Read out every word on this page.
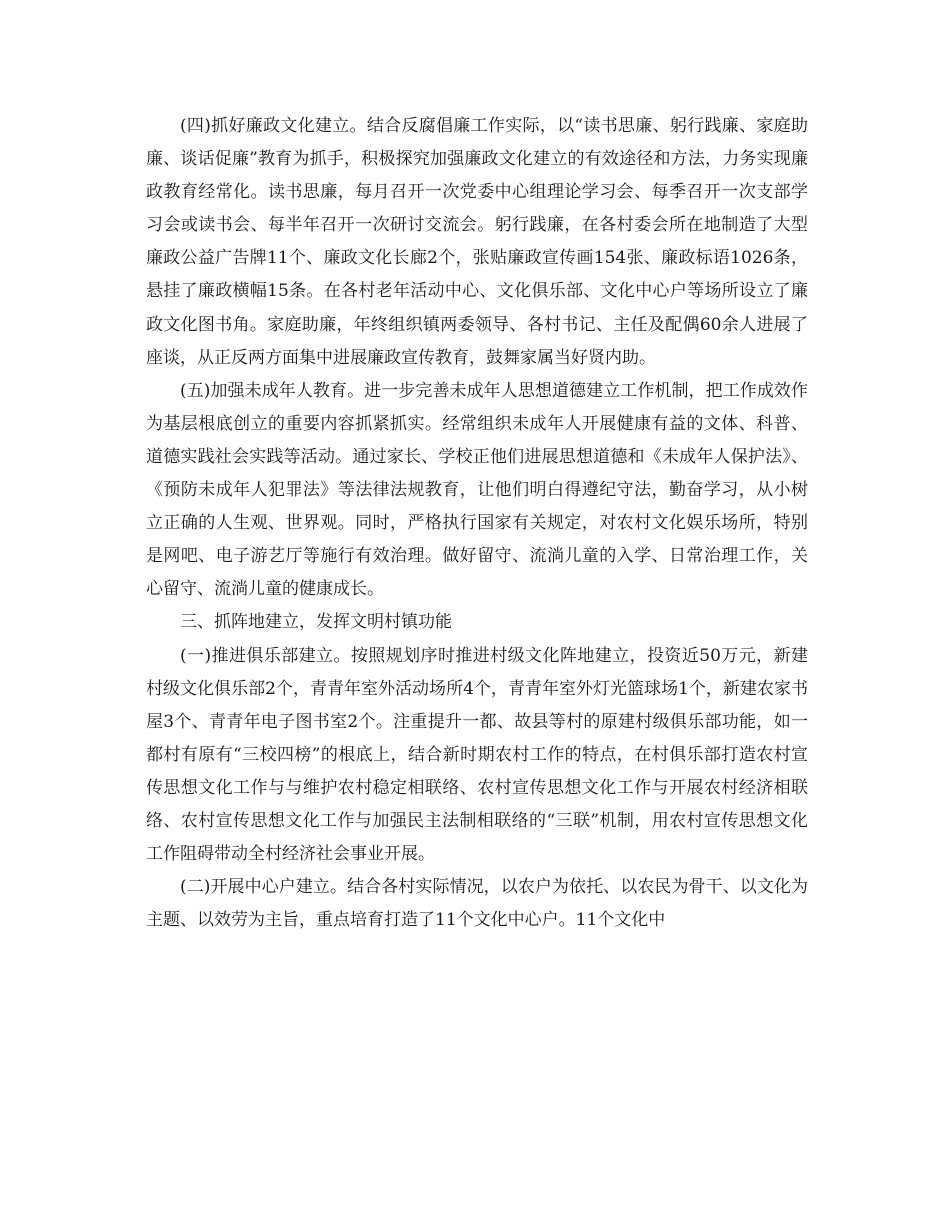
(四)抓好廉政文化建立。结合反腐倡廉工作实际，以“读书思廉、躬行践廉、家庭助廉、谈话促廉”教育为抓手，积极探究加强廉政文化建立的有效途径和方法，力务实现廉政教育经常化。读书思廉，每月召开一次党委中心组理论学习会、每季召开一次支部学习会或读书会、每半年召开一次研讨交流会。躬行践廉，在各村委会所在地制造了大型廉政公益广告牌11个、廉政文化长廊2个，张贴廉政宣传画154张、廉政标语1026条，悬挂了廉政横幅15条。在各村老年活动中心、文化俱乐部、文化中心户等场所设立了廉政文化图书角。家庭助廉，年终组织镇两委领导、各村书记、主任及配偶60余人进展了座谈，从正反两方面集中进展廉政宣传教育，鼓舞家属当好贤内助。

(五)加强未成年人教育。进一步完善未成年人思想道德建立工作机制，把工作成效作为基层根底创立的重要内容抓紧抓实。经常组织未成年人开展健康有益的文体、科普、道德实践社会实践等活动。通过家长、学校正他们进展思想道德和《未成年人保护法》、《预防未成年人犯罪法》等法律法规教育，让他们明白得遵纪守法，勤奋学习，从小树立正确的人生观、世界观。同时，严格执行国家有关规定，对农村文化娱乐场所，特别是网吧、电子游艺厅等施行有效治理。做好留守、流淌儿童的入学、日常治理工作，关心留守、流淌儿童的健康成长。

三、抓阵地建立，发挥文明村镇功能

(一)推进俱乐部建立。按照规划序时推进村级文化阵地建立，投资近50万元，新建村级文化俱乐部2个，青青年室外活动场所4个，青青年室外灯光篮球场1个，新建农家书屋3个、青青年电子图书室2个。注重提升一都、故县等村的原建村级俱乐部功能，如一都村有原有“三校四榜”的根底上，结合新时期农村工作的特点，在村俱乐部打造农村宣传思想文化工作与与维护农村稳定相联络、农村宣传思想文化工作与开展农村经济相联络、农村宣传思想文化工作与加强民主法制相联络的“三联”机制，用农村宣传思想文化工作阻碍带动全村经济社会事业开展。

(二)开展中心户建立。结合各村实际情况，以农户为依托、以农民为骨干、以文化为主题、以效劳为主旨，重点培育打造了11个文化中心户。11个文化中
